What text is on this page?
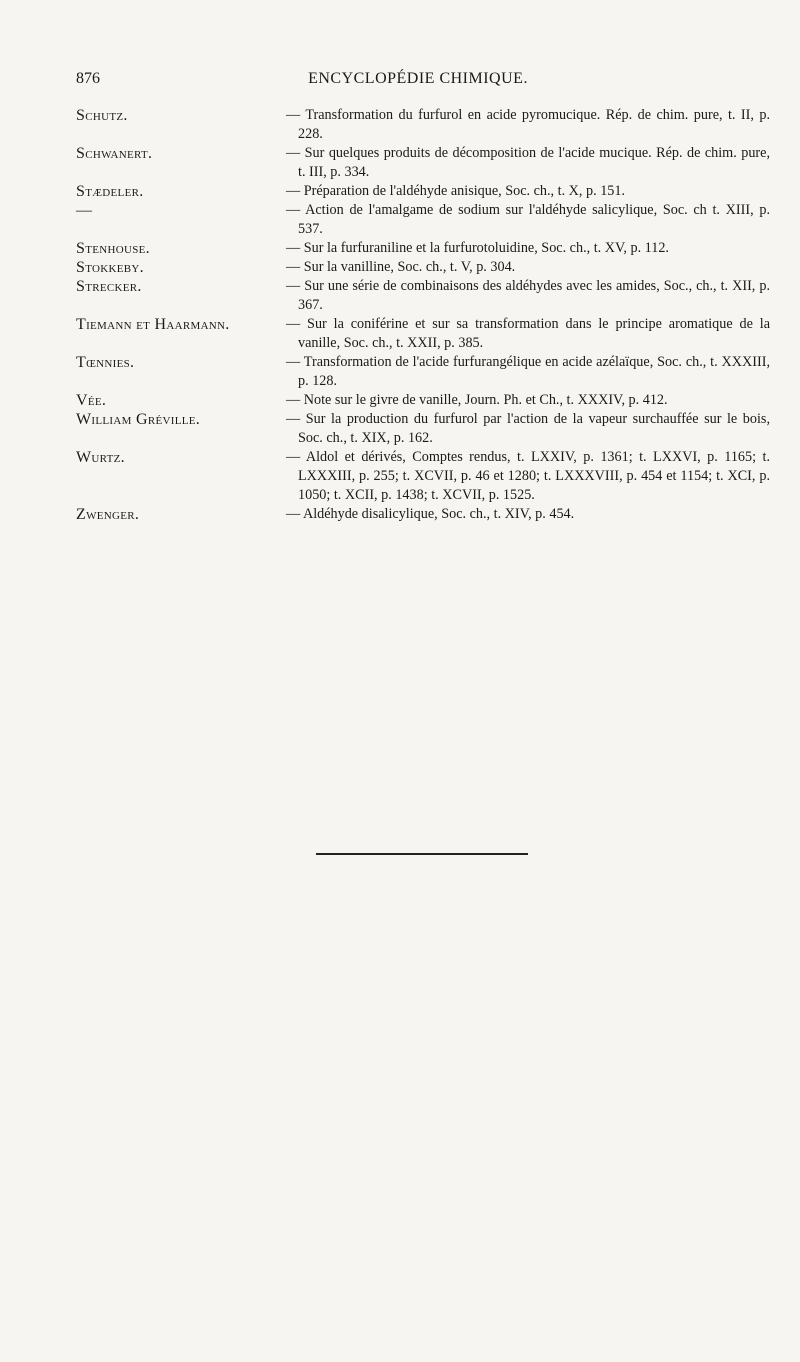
876	ENCYCLOPÉDIE CHIMIQUE.
Schutz.	— Transformation du furfurol en acide pyromucique. Rép. de chim. pure, t. II, p. 228.
Schwanert.	— Sur quelques produits de décomposition de l'acide mucique. Rép. de chim. pure, t. III, p. 334.
Stædeler.	— Préparation de l'aldéhyde anisique, Soc. ch., t. X, p. 151.
—	— Action de l'amalgame de sodium sur l'aldéhyde salicylique, Soc. ch t. XIII, p. 537.
Stenhouse.	— Sur la furfuraniline et la furfurotoluidine, Soc. ch., t. XV, p. 112.
Stokkeby.	— Sur la vanilline, Soc. ch., t. V, p. 304.
Strecker.	— Sur une série de combinaisons des aldéhydes avec les amides, Soc., ch., t. XII, p. 367.
Tiemann et Haarmann.	— Sur la coniférine et sur sa transformation dans le principe aromatique de la vanille, Soc. ch., t. XXII, p. 385.
Tœnnies.	— Transformation de l'acide furfurangélique en acide azélaïque, Soc. ch., t. XXXIII, p. 128.
Vée.	— Note sur le givre de vanille, Journ. Ph. et Ch., t. XXXIV, p. 412.
William Gréville.	— Sur la production du furfurol par l'action de la vapeur surchauffée sur le bois, Soc. ch., t. XIX, p. 162.
Wurtz.	— Aldol et dérivés, Comptes rendus, t. LXXIV, p. 1361; t. LXXVI, p. 1165; t. LXXXIII, p. 255; t. XCVII, p. 46 et 1280; t. LXXXVIII, p. 454 et 1154; t. XCI, p. 1050; t. XCII, p. 1438; t. XCVII, p. 1525.
Zwenger.	— Aldéhyde disalicylique, Soc. ch., t. XIV, p. 454.
